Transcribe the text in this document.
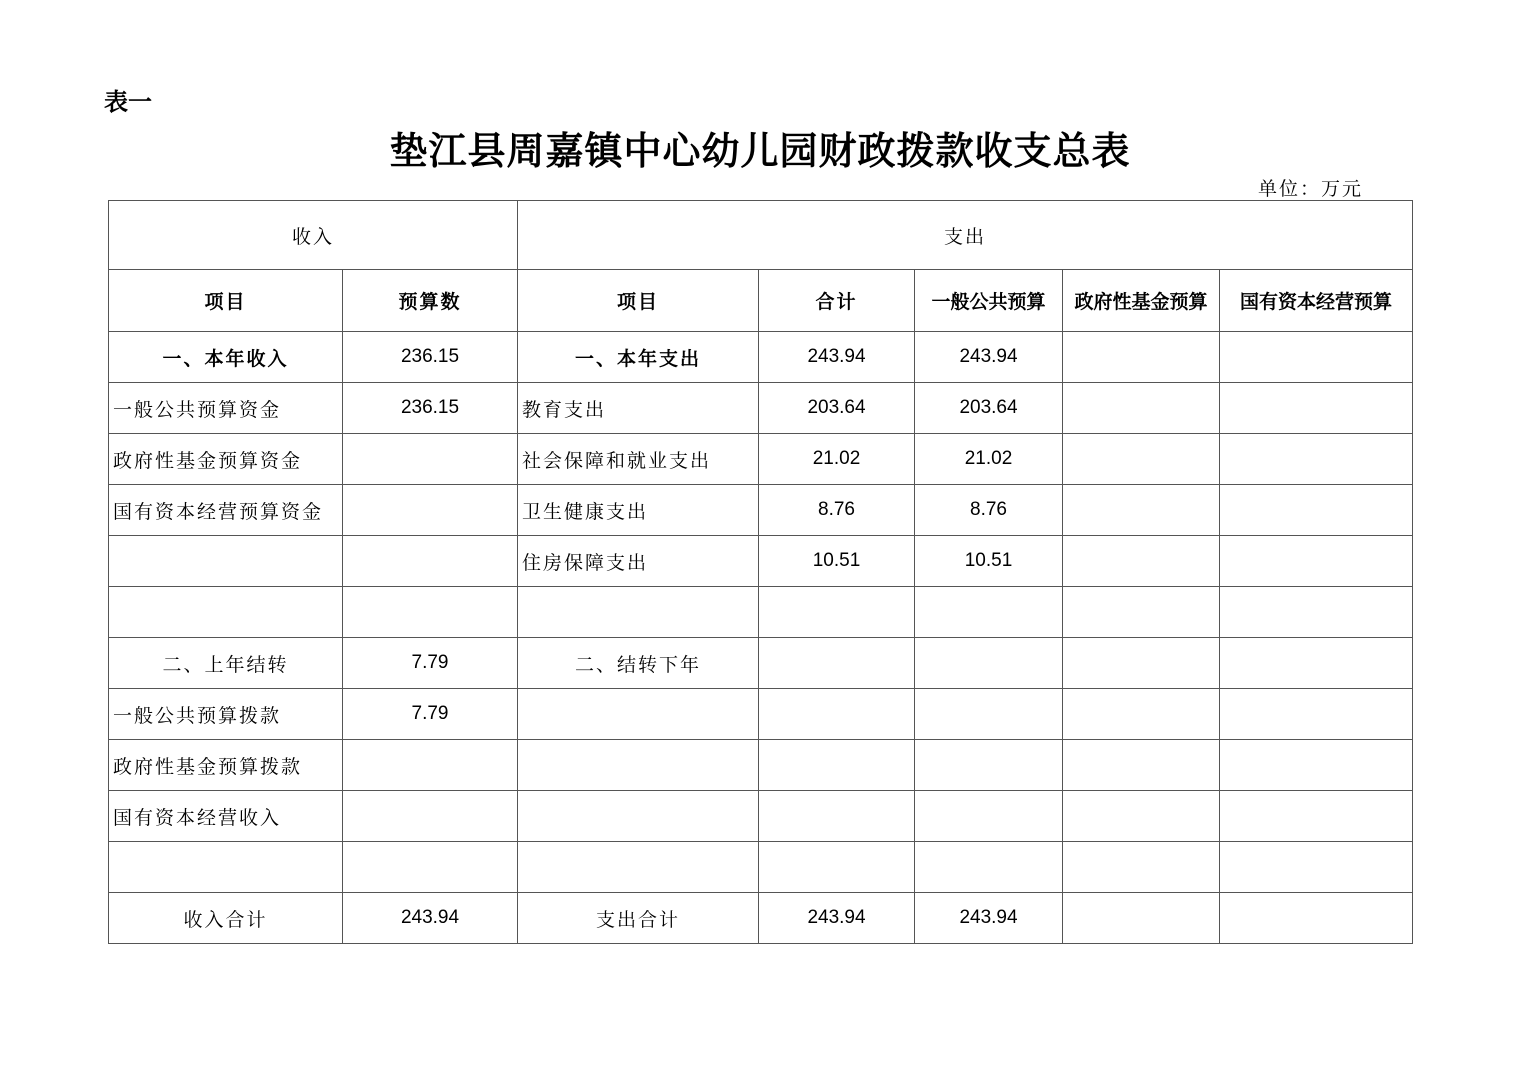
表一
垫江县周嘉镇中心幼儿园财政拨款收支总表
单位：万元
收入		支出				
项目	预算数	项目	合计	一般公共预算	政府性基金预算	国有资本经营预算
一、本年收入	236.15	一、本年支出	243.94	243.94		
一般公共预算资金	236.15	教育支出	203.64	203.64		
政府性基金预算资金		社会保障和就业支出	21.02	21.02		
国有资本经营预算资金		卫生健康支出	8.76	8.76		
		住房保障支出	10.51	10.51		

二、上年结转	7.79	二、结转下年				
一般公共预算拨款	7.79					
政府性基金预算拨款						
国有资本经营收入						

收入合计	243.94	支出合计	243.94	243.94		
